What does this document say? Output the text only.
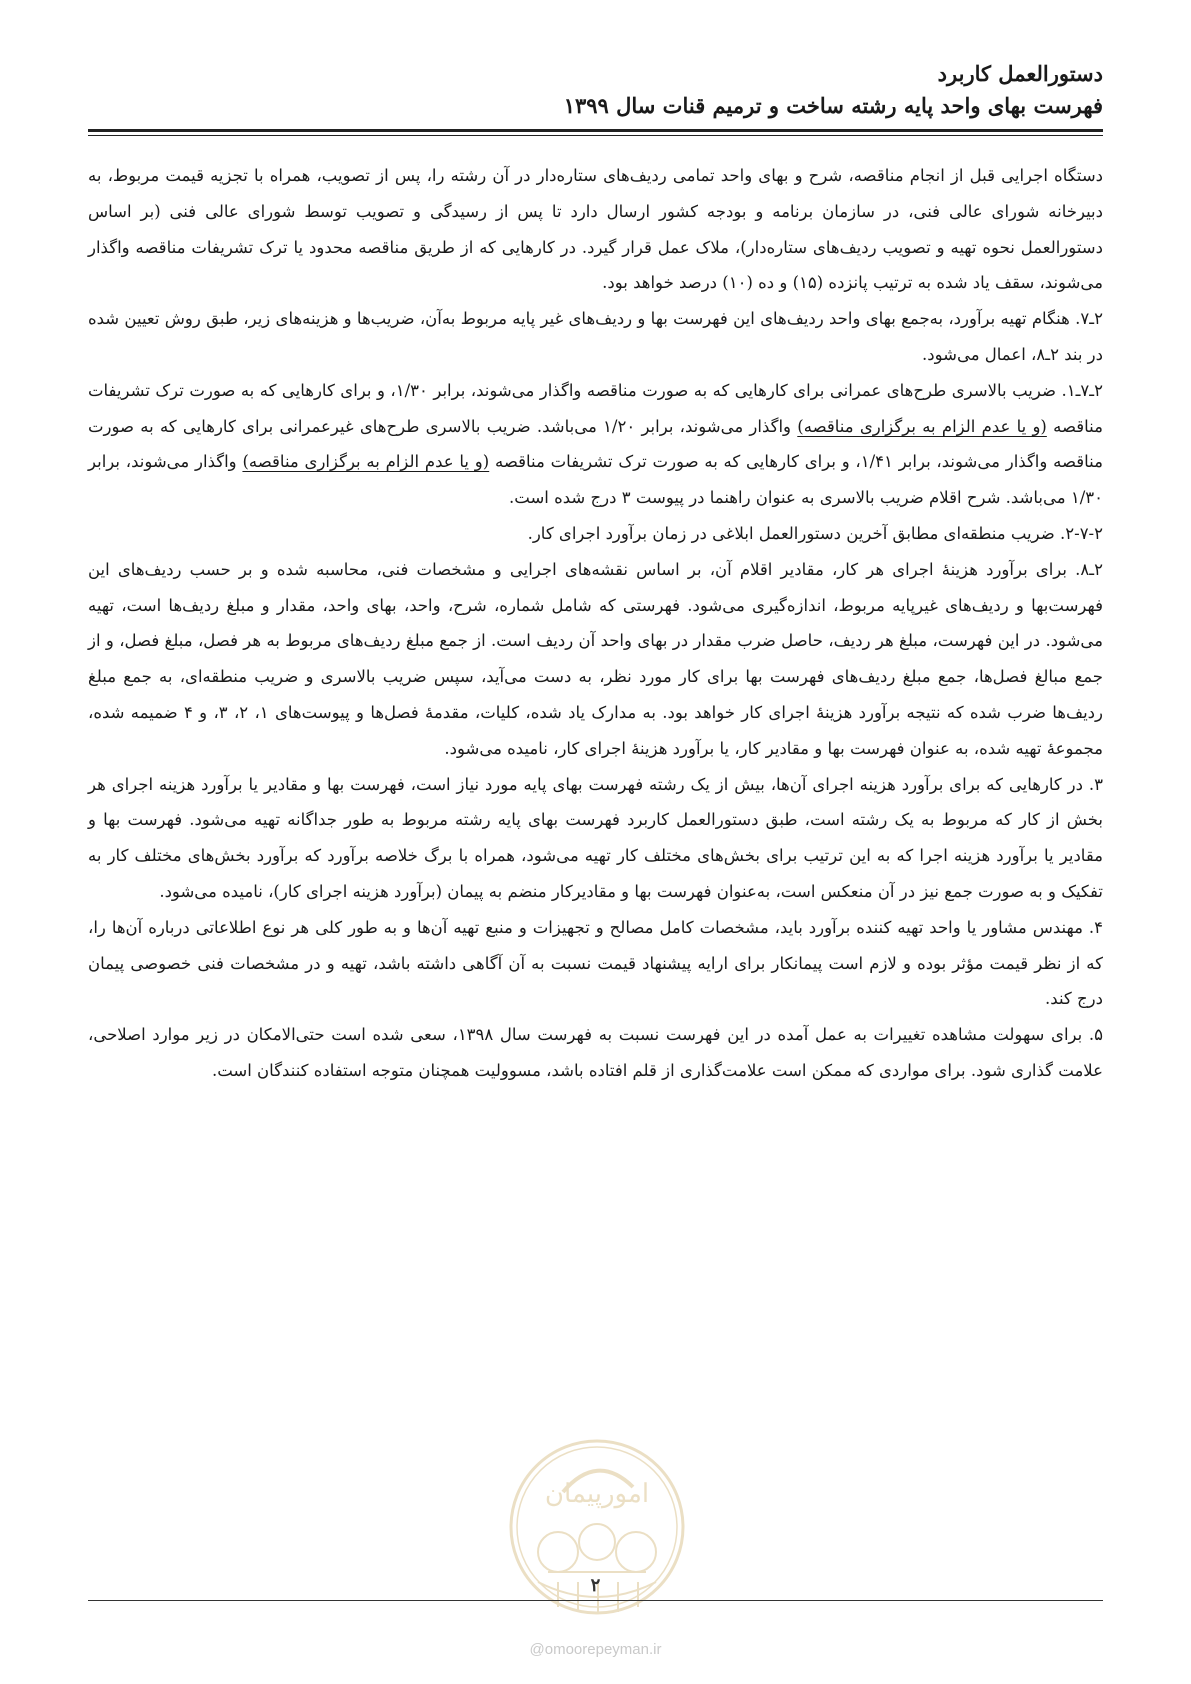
دستورالعمل کاربرد
فهرست بهای واحد پایه رشته ساخت و ترمیم قنات سال ۱۳۹۹

دستگاه اجرایی قبل از انجام مناقصه، شرح و بهای واحد تمامی ردیف‌های ستاره‌دار در آن رشته را، پس از تصویب، همراه با تجزیه قیمت مربوط، به دبیرخانه شورای عالی فنی، در سازمان برنامه و بودجه کشور ارسال دارد تا پس از رسیدگی و تصویب توسط شورای عالی فنی (بر اساس دستورالعمل نحوه تهیه و تصویب ردیف‌های ستاره‌دار)، ملاک عمل قرار گیرد. در کارهایی که از طریق مناقصه محدود یا ترک تشریفات مناقصه واگذار می‌شوند، سقف یاد شده به ترتیب پانزده (۱۵) و ده (۱۰) درصد خواهد بود.

۲ـ۷. هنگام تهیه برآورد، به‌جمع بهای واحد ردیف‌های این فهرست بها و ردیف‌های غیر پایه مربوط به‌آن، ضریب‌ها و هزینه‌های زیر، طبق روش تعیین شده در بند ۲ـ۸، اعمال می‌شود.

۲ـ۷ـ۱. ضریب بالاسری طرح‌های عمرانی برای کارهایی که به صورت مناقصه واگذار می‌شوند، برابر ۱/۳۰، و برای کارهایی که به صورت ترک تشریفات مناقصه (و یا عدم الزام به برگزاری مناقصه) واگذار می‌شوند، برابر ۱/۲۰ می‌باشد. ضریب بالاسری طرح‌های غیرعمرانی برای کارهایی که به صورت مناقصه واگذار می‌شوند، برابر ۱/۴۱، و برای کارهایی که به صورت ترک تشریفات مناقصه (و یا عدم الزام به برگزاری مناقصه) واگذار می‌شوند، برابر ۱/۳۰ می‌باشد. شرح اقلام ضریب بالاسری به عنوان راهنما در پیوست ۳ درج شده است.

۲-۷-۲. ضریب منطقه‌ای مطابق آخرین دستورالعمل ابلاغی در زمان برآورد اجرای کار.

۲ـ۸. برای برآورد هزینهٔ اجرای هر کار، مقادیر اقلام آن، بر اساس نقشه‌های اجرایی و مشخصات فنی، محاسبه شده و بر حسب ردیف‌های این فهرست‌بها و ردیف‌های غیرپایه مربوط، اندازه‌گیری می‌شود. فهرستی که شامل شماره، شرح، واحد، بهای واحد، مقدار و مبلغ ردیف‌ها است، تهیه می‌شود. در این فهرست، مبلغ هر ردیف، حاصل ضرب مقدار در بهای واحد آن ردیف است. از جمع مبلغ ردیف‌های مربوط به هر فصل، مبلغ فصل، و از جمع مبالغ فصل‌ها، جمع مبلغ ردیف‌های فهرست بها برای کار مورد نظر، به دست می‌آید، سپس ضریب بالاسری و ضریب منطقه‌ای، به جمع مبلغ ردیف‌ها ضرب شده که نتیجه برآورد هزینهٔ اجرای کار خواهد بود. به مدارک یاد شده، کلیات، مقدمهٔ فصل‌ها و پیوست‌های ۱، ۲، ۳، و ۴ ضمیمه شده، مجموعهٔ تهیه شده، به عنوان فهرست بها و مقادیر کار، یا برآورد هزینهٔ اجرای کار، نامیده می‌شود.

۳. در کارهایی که برای برآورد هزینه اجرای آن‌ها، بیش از یک رشته فهرست بهای پایه مورد نیاز است، فهرست بها و مقادیر یا برآورد هزینه اجرای هر بخش از کار که مربوط به یک رشته است، طبق دستورالعمل کاربرد فهرست بهای پایه رشته مربوط به طور جداگانه تهیه می‌شود. فهرست بها و مقادیر یا برآورد هزینه اجرا که به این ترتیب برای بخش‌های مختلف کار تهیه می‌شود، همراه با برگ خلاصه برآورد که برآورد بخش‌های مختلف کار به تفکیک و به صورت جمع نیز در آن منعکس است، به‌عنوان فهرست بها و مقادیرکار منضم به پیمان (برآورد هزینه اجرای کار)، نامیده می‌شود.

۴. مهندس مشاور یا واحد تهیه کننده برآورد باید، مشخصات کامل مصالح و تجهیزات و منبع تهیه آن‌ها و به طور کلی هر نوع اطلاعاتی درباره آن‌ها را، که از نظر قیمت مؤثر بوده و لازم است پیمانکار برای ارایه پیشنهاد قیمت نسبت به آن آگاهی داشته باشد، تهیه و در مشخصات فنی خصوصی پیمان درج کند.

۵. برای سهولت مشاهده تغییرات به عمل آمده در این فهرست نسبت به فهرست سال ۱۳۹۸، سعی شده است حتی‌الامکان در زیر موارد اصلاحی، علامت گذاری شود. برای مواردی که ممکن است علامت‌گذاری از قلم افتاده باشد، مسوولیت همچنان متوجه استفاده کنندگان است.

امورپیمان
۲
@omoorepeyman.ir
